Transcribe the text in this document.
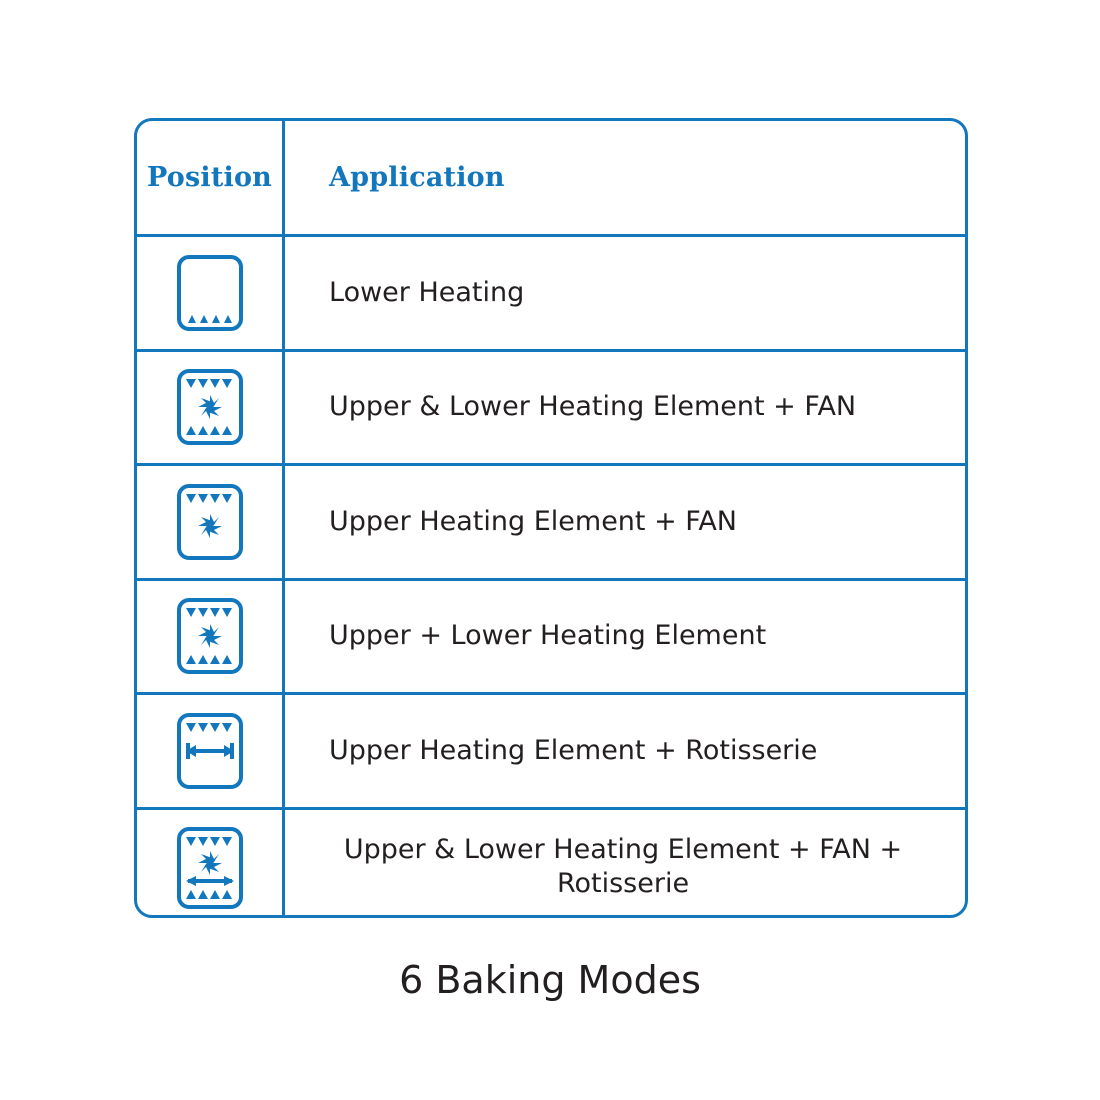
Position Application
Lower Heating
Upper & Lower Heating Element + FAN
Upper Heating Element + FAN
Upper + Lower Heating Element
Upper Heating Element + Rotisserie
Upper & Lower Heating Element + FAN + Rotisserie
6 Baking Modes
